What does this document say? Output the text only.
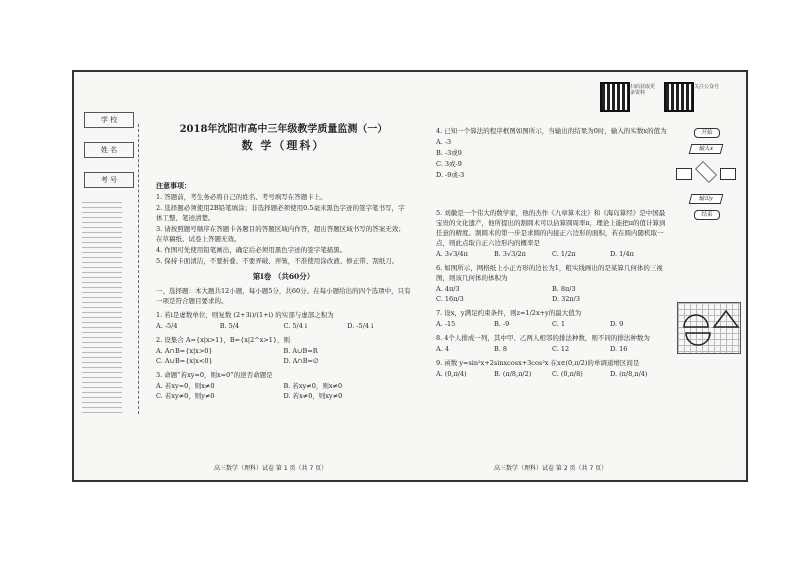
扫码获取更多资料
关注公众号
学 校
姓 名
考 号
2018年沈阳市高中三年级教学质量监测（一）
数 学（理科）
注意事项：
1. 答题前，考生务必将自己的姓名、考号填写在答题卡上。
2. 选择题必须使用2B铅笔填涂；非选择题必须使用0.5毫米黑色字迹的签字笔书写，字体工整、笔迹清楚。
3. 请按照题号顺序在答题卡各题目的答题区域内作答，超出答题区域书写的答案无效；在草稿纸、试卷上答题无效。
4. 作图可先使用铅笔画出，确定后必须用黑色字迹的签字笔描黑。
5. 保持卡面清洁，不要折叠、不要弄破、弄皱，不准使用涂改液、修正带、刮纸刀。
第Ⅰ卷 （共60分）
一、选择题：本大题共12小题，每小题5分，共60分。在每小题给出的四个选项中，只有一项是符合题目要求的。
1. 若i是虚数单位，则复数 (2+3i)/(1+i) 的实部与虚部之积为
A. -5/4	B. 5/4	C. 5/4 i	D. -5/4 i
2. 设集合 A={x|x>1}，B={x|2^x>1}，则
A. A∩B={x|x>0}	B. A∪B=R
C. A∪B={x|x<0}	D. A∩B=∅
3. 命题“若xy=0，则x=0”的逆否命题是
A. 若xy=0，则x≠0	B. 若xy≠0，则x≠0
C. 若xy≠0，则y≠0	D. 若x≠0，则xy≠0
4. 已知一个算法的程序框图如图所示，当输出的结果为0时，输入的实数x的值为
A. -3
B. -3或9
C. 3或-9
D. -9或-3
5. 刘徽是一个伟大的数学家，他的杰作《九章算术注》和《海岛算经》是中国最宝贵的文化遗产，他所提出的割圆术可以估算圆周率π，理论上能把π的值计算到任意的精度。割圆术的第一步是求圆的内接正六边形的面积，若在圆内随机取一点，则此点取自正六边形内的概率是
A. 3√3/4π	B. 3√3/2π	C. 1/2π	D. 1/4π
6. 如图所示，网格纸上小正方形的边长为1，粗实线画出的是某算几何体的三视图，则该几何体的体积为
A. 4π/3	B. 8π/3
C. 16π/3	D. 32π/3
7. 设x，y满足约束条件，则z=1/2x+y的最大值为
A. -15	B. -9	C. 1	D. 9
8. 4个人排成一列，其中甲、乙两人相邻的排法种数，则不同的排法种数为
A. 4	B. 8	C. 12	D. 16
9. 函数 y=sin²x+2sinxcosx+3cos²x 在x∈(0,π/2)的单调递增区间是
A. (0,π/4)	B. (π/8,π/2)	C. (0,π/8)	D. (π/8,π/4)
开始
输入x
输出y
结束
高三数学（理科）试卷 第 1 页（共 7 页）	高三数学（理科）试卷 第 2 页（共 7 页）
